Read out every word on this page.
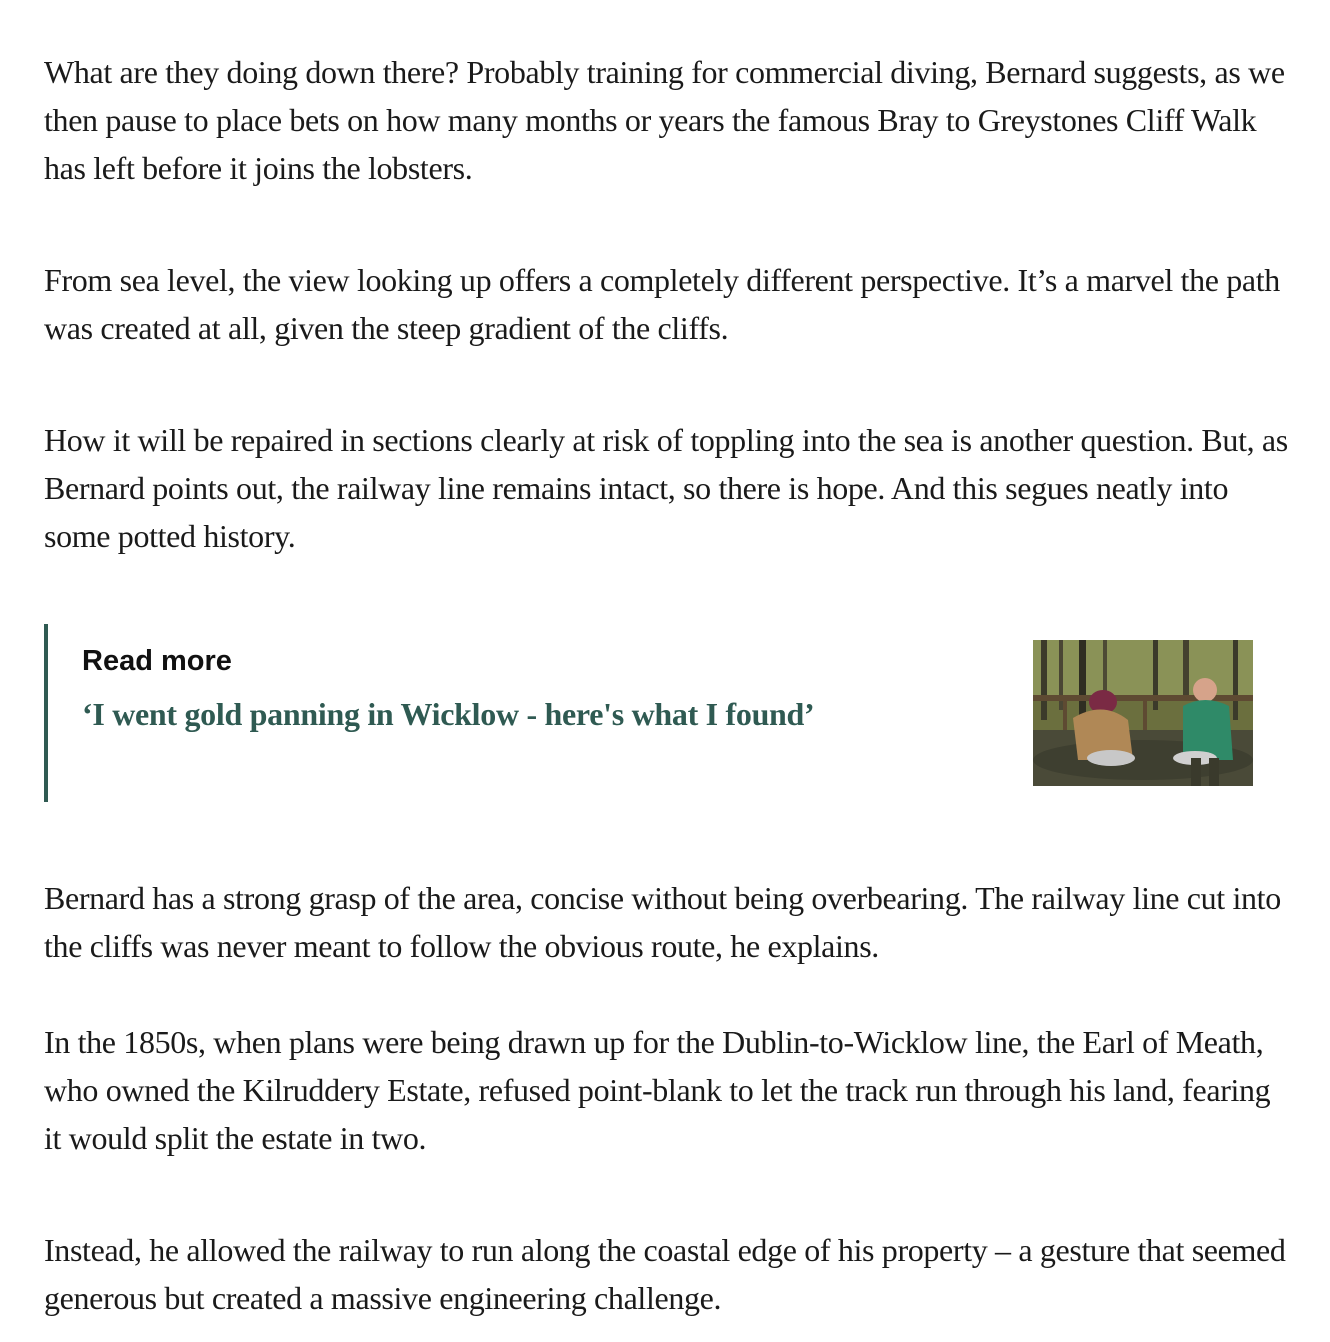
What are they doing down there? Probably training for commercial diving, Bernard suggests, as we then pause to place bets on how many months or years the famous Bray to Greystones Cliff Walk has left before it joins the lobsters.

From sea level, the view looking up offers a completely different perspective. It’s a marvel the path was created at all, given the steep gradient of the cliffs.

How it will be repaired in sections clearly at risk of toppling into the sea is another question. But, as Bernard points out, the railway line remains intact, so there is hope. And this segues neatly into some potted history.

Read more

‘I went gold panning in Wicklow - here's what I found’

Bernard has a strong grasp of the area, concise without being overbearing. The railway line cut into the cliffs was never meant to follow the obvious route, he explains.

In the 1850s, when plans were being drawn up for the Dublin-to-Wicklow line, the Earl of Meath, who owned the Kilruddery Estate, refused point-blank to let the track run through his land, fearing it would split the estate in two.

Instead, he allowed the railway to run along the coastal edge of his property – a gesture that seemed generous but created a massive engineering challenge.
